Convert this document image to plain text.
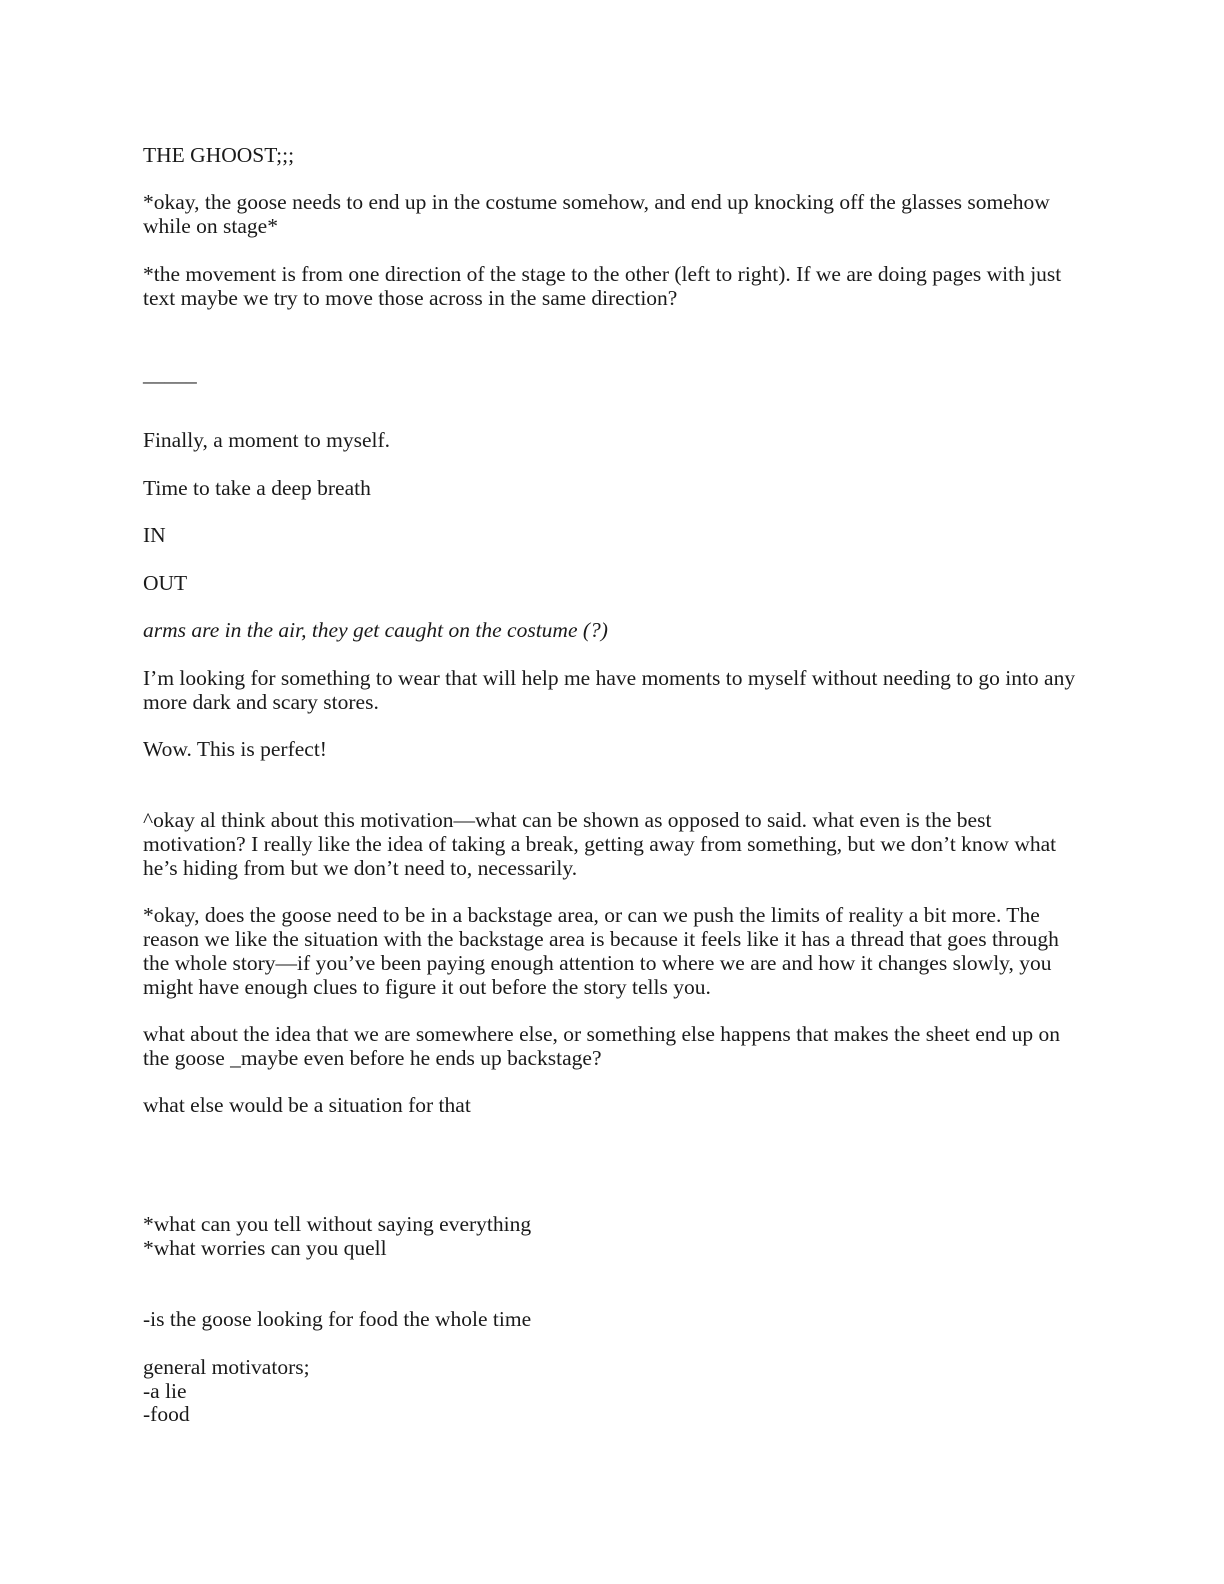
THE GHOOST;;;
*okay, the goose needs to end up in the costume somehow, and end up knocking off the glasses somehow while on stage*
*the movement is from one direction of the stage to the other (left to right). If we are doing pages with just text maybe we try to move those across in the same direction?
_____
Finally, a moment to myself.
Time to take a deep breath
IN
OUT
arms are in the air, they get caught on the costume (?)
I’m looking for something to wear that will help me have moments to myself without needing to go into any more dark and scary stores.
Wow. This is perfect!
^okay al think about this motivation—what can be shown as opposed to said. what even is the best motivation? I really like the idea of taking a break, getting away from something, but we don’t know what he’s hiding from but we don’t need to, necessarily.
*okay, does the goose need to be in a backstage area, or can we push the limits of reality a bit more. The reason we like the situation with the backstage area is because it feels like it has a thread that goes through the whole story—if you’ve been paying enough attention to where we are and how it changes slowly, you might have enough clues to figure it out before the story tells you.
what about the idea that we are somewhere else, or something else happens that makes the sheet end up on the goose _maybe even before he ends up backstage?
what else would be a situation for that
*what can you tell without saying everything
*what worries can you quell
-is the goose looking for food the whole time
general motivators;
-a lie
-food
